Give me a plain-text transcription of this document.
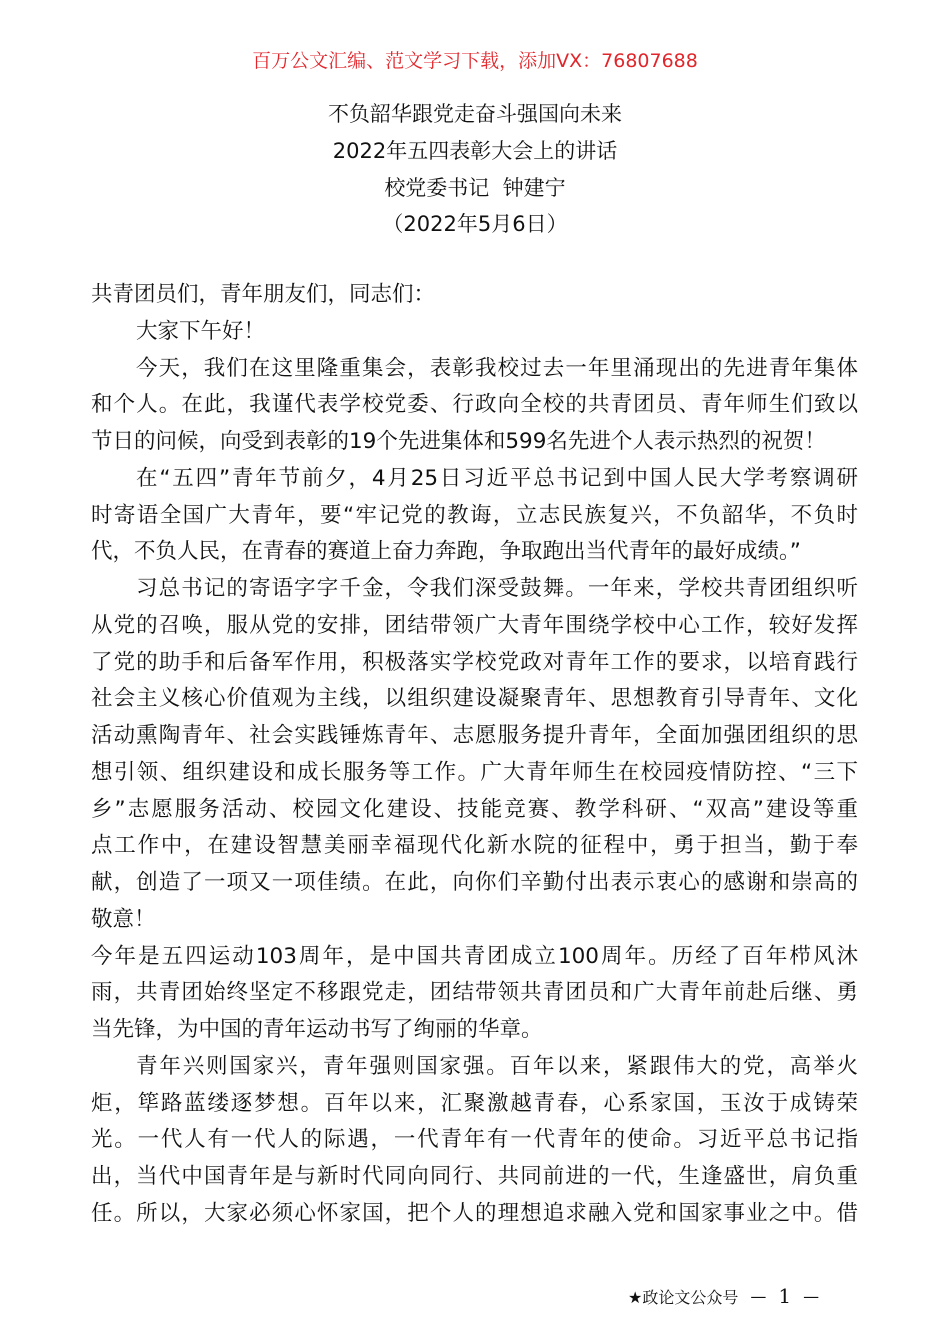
百万公文汇编、范文学习下载，添加VX：76807688
不负韶华跟党走奋斗强国向未来
2022年五四表彰大会上的讲话
校党委书记  钟建宁
（2022年5月6日）
共青团员们，青年朋友们，同志们：
大家下午好！
今天，我们在这里隆重集会，表彰我校过去一年里涌现出的先进青年集体
和个人。在此，我谨代表学校党委、行政向全校的共青团员、青年师生们致以
节日的问候，向受到表彰的19个先进集体和599名先进个人表示热烈的祝贺！
在“五四”青年节前夕，4月25日习近平总书记到中国人民大学考察调研
时寄语全国广大青年，要“牢记党的教诲，立志民族复兴，不负韶华，不负时
代，不负人民，在青春的赛道上奋力奔跑，争取跑出当代青年的最好成绩。”
习总书记的寄语字字千金，令我们深受鼓舞。一年来，学校共青团组织听
从党的召唤，服从党的安排，团结带领广大青年围绕学校中心工作，较好发挥
了党的助手和后备军作用，积极落实学校党政对青年工作的要求，以培育践行
社会主义核心价值观为主线，以组织建设凝聚青年、思想教育引导青年、文化
活动熏陶青年、社会实践锤炼青年、志愿服务提升青年，全面加强团组织的思
想引领、组织建设和成长服务等工作。广大青年师生在校园疫情防控、“三下
乡”志愿服务活动、校园文化建设、技能竞赛、教学科研、“双高”建设等重
点工作中，在建设智慧美丽幸福现代化新水院的征程中，勇于担当，勤于奉
献，创造了一项又一项佳绩。在此，向你们辛勤付出表示衷心的感谢和崇高的
敬意！
今年是五四运动103周年，是中国共青团成立100周年。历经了百年栉风沐
雨，共青团始终坚定不移跟党走，团结带领共青团员和广大青年前赴后继、勇
当先锋，为中国的青年运动书写了绚丽的华章。
青年兴则国家兴，青年强则国家强。百年以来，紧跟伟大的党，高举火
炬，筚路蓝缕逐梦想。百年以来，汇聚激越青春，心系家国，玉汝于成铸荣
光。一代人有一代人的际遇，一代青年有一代青年的使命。习近平总书记指
出，当代中国青年是与新时代同向同行、共同前进的一代，生逢盛世，肩负重
任。所以，大家必须心怀家国，把个人的理想追求融入党和国家事业之中。借
★政论文公众号 — 1 —
